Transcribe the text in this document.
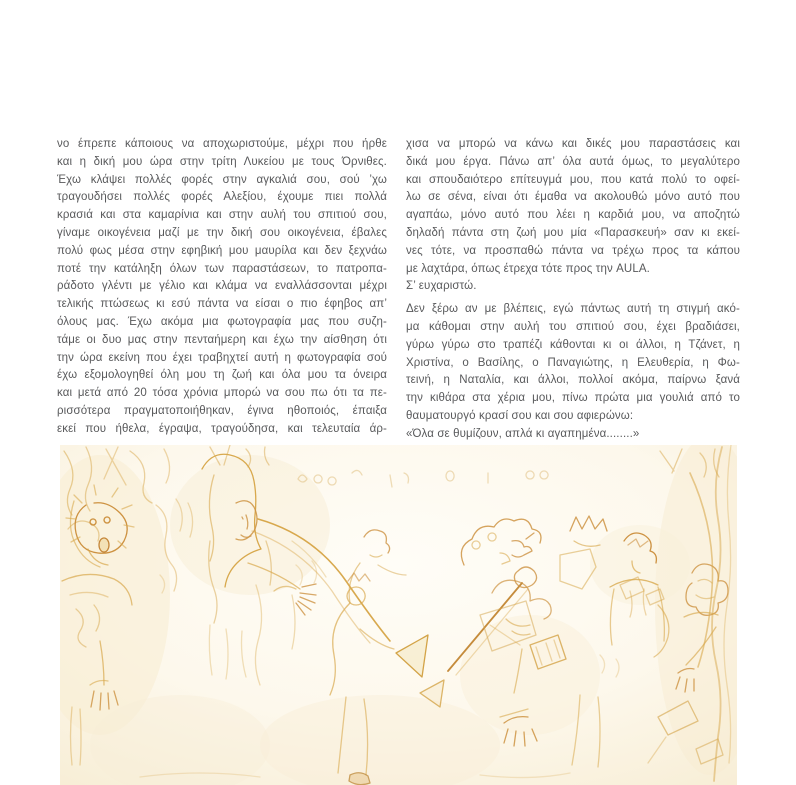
νο έπρεπε κάποιους να αποχωριστούμε, μέχρι που ήρθε
και η δική μου ώρα στην τρίτη Λυκείου με τους Όρνιθες.
Έχω κλάψει πολλές φορές στην αγκαλιά σου, σού ’χω
τραγουδήσει πολλές φορές Αλεξίου, έχουμε πιει πολλά
κρασιά και στα καμαρίνια και στην αυλή του σπιτιού σου,
γίναμε οικογένεια μαζί με την δική σου οικογένεια, έβαλες
πολύ φως μέσα στην εφηβική μου μαυρίλα και δεν ξεχνάω
ποτέ την κατάληξη όλων των παραστάσεων, το πατροπα-
ράδοτο γλέντι με γέλιο και κλάμα να εναλλάσσονται μέχρι
τελικής πτώσεως κι εσύ πάντα να είσαι ο πιο έφηβος απ’
όλους μας. Έχω ακόμα μια φωτογραφία μας που συζη-
τάμε οι δυο μας στην πενταήμερη και έχω την αίσθηση ότι
την ώρα εκείνη που έχει τραβηχτεί αυτή η φωτογραφία σού
έχω εξομολογηθεί όλη μου τη ζωή και όλα μου τα όνειρα
και μετά από 20 τόσα χρόνια μπορώ να σου πω ότι τα πε-
ρισσότερα πραγματοποιήθηκαν, έγινα ηθοποιός, έπαιξα
εκεί που ήθελα, έγραψα, τραγούδησα, και τελευταία άρ-
χισα να μπορώ να κάνω και δικές μου παραστάσεις και
δικά μου έργα. Πάνω απ’ όλα αυτά όμως, το μεγαλύτερο
και σπουδαιότερο επίτευγμά μου, που κατά πολύ το οφεί-
λω σε σένα, είναι ότι έμαθα να ακολουθώ μόνο αυτό που
αγαπάω, μόνο αυτό που λέει η καρδιά μου, να αποζητώ
δηλαδή πάντα στη ζωή μου μία «Παρασκευή» σαν κι εκεί-
νες τότε, να προσπαθώ πάντα να τρέχω προς τα κάπου
με λαχτάρα, όπως έτρεχα τότε προς την AULA.
Σ’ ευχαριστώ.
Δεν ξέρω αν με βλέπεις, εγώ πάντως αυτή τη στιγμή ακό-
μα κάθομαι στην αυλή του σπιτιού σου, έχει βραδιάσει,
γύρω γύρω στο τραπέζι κάθονται κι οι άλλοι, η Τζάνετ, η
Χριστίνα, ο Βασίλης, ο Παναγιώτης, η Ελευθερία, η Φω-
τεινή, η Ναταλία, και άλλοι, πολλοί ακόμα, παίρνω ξανά
την κιθάρα στα χέρια μου, πίνω πρώτα μια γουλιά από το
θαυματουργό κρασί σου και σου αφιερώνω:
«Όλα σε θυμίζουν, απλά κι αγαπημένα........»
